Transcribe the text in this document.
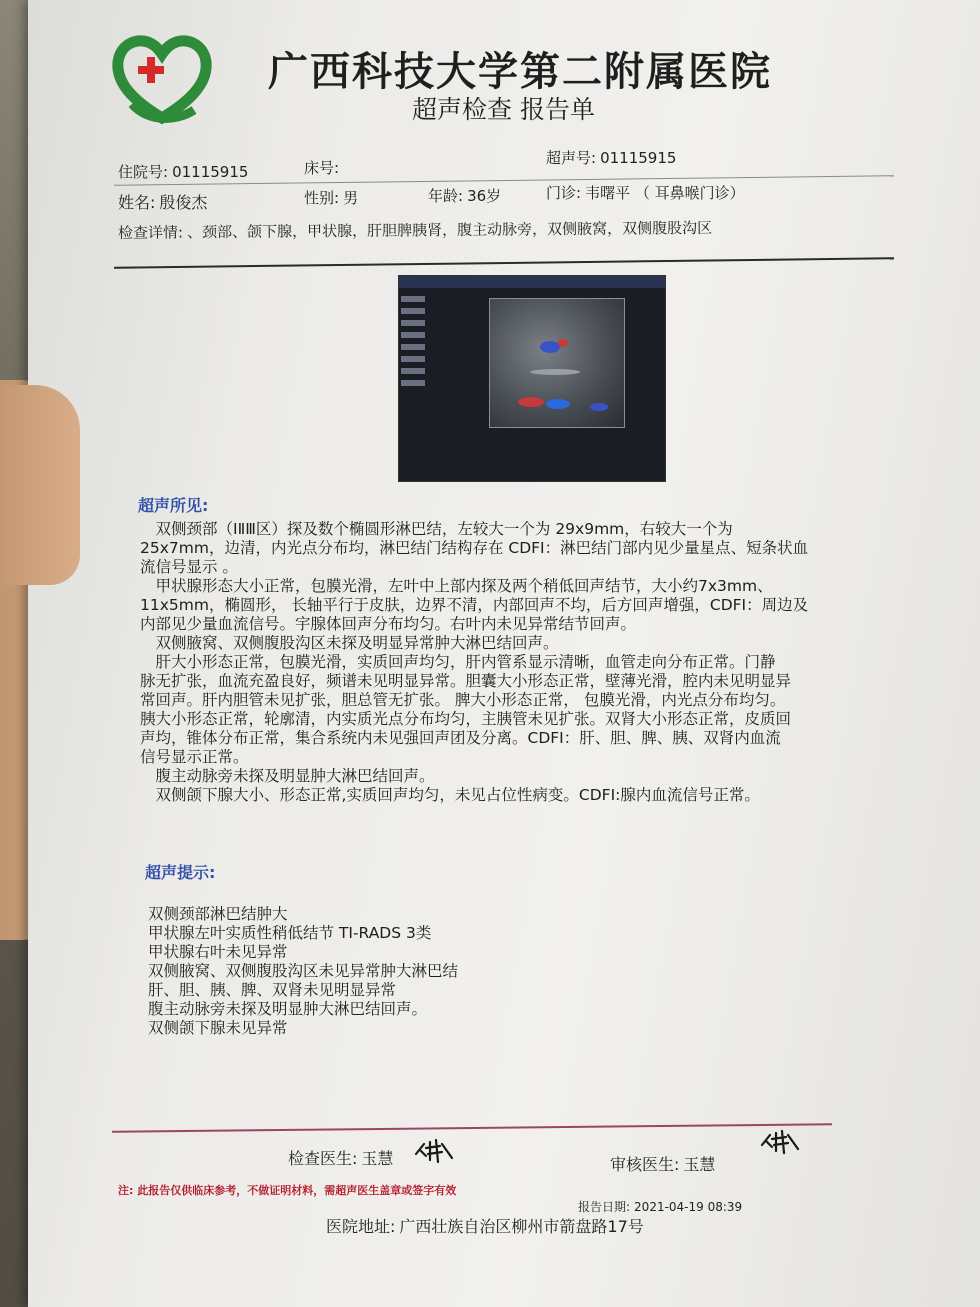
广西科技大学第二附属医院
超声检查 报告单
住院号: 01115915	床号:
超声号: 01115915
姓名: 殷俊杰	性别: 男	年龄: 36岁	门诊: 韦曙平 （ 耳鼻喉门诊）
检查详情: 、颈部、颌下腺，甲状腺，肝胆脾胰肾，腹主动脉旁，双侧腋窝，双侧腹股沟区
超声所见:

　双侧颈部（ⅠⅡⅢ区）探及数个椭圆形淋巴结，左较大一个为 29x9mm，右较大一个为

25x7mm，边清，内光点分布均，淋巴结门结构存在 CDFI：淋巴结门部内见少量星点、短条状血

流信号显示 。

　甲状腺形态大小正常，包膜光滑，左叶中上部内探及两个稍低回声结节，大小约7x3mm、

11x5mm，椭圆形， 长轴平行于皮肤，边界不清，内部回声不均，后方回声增强，CDFI：周边及

内部见少量血流信号。宇腺体回声分布均匀。右叶内未见异常结节回声。

　双侧腋窝、双侧腹股沟区未探及明显异常肿大淋巴结回声。

　肝大小形态正常，包膜光滑，实质回声均匀，肝内管系显示清晰，血管走向分布正常。门静

脉无扩张，血流充盈良好，频谱未见明显异常。胆囊大小形态正常，壁薄光滑，腔内未见明显异

常回声。肝内胆管未见扩张，胆总管无扩张。 脾大小形态正常， 包膜光滑，内光点分布均匀。

胰大小形态正常，轮廓清，内实质光点分布均匀，主胰管未见扩张。双肾大小形态正常，皮质回

声均，锥体分布正常，集合系统内未见强回声团及分离。CDFI：肝、胆、脾、胰、双肾内血流

信号显示正常。

　腹主动脉旁未探及明显肿大淋巴结回声。

　双侧颌下腺大小、形态正常,实质回声均匀，未见占位性病变。CDFI:腺内血流信号正常。

超声提示:

双侧颈部淋巴结肿大

甲状腺左叶实质性稍低结节 TI-RADS 3类

甲状腺右叶未见异常

双侧腋窝、双侧腹股沟区未见异常肿大淋巴结

肝、胆、胰、脾、双肾未见明显异常

腹主动脉旁未探及明显肿大淋巴结回声。

双侧颌下腺未见异常

检查医生: 玉慧	审核医生: 玉慧
注: 此报告仅供临床参考，不做证明材料，需超声医生盖章或签字有效
报告日期: 2021-04-19 08:39
医院地址: 广西壮族自治区柳州市箭盘路17号
